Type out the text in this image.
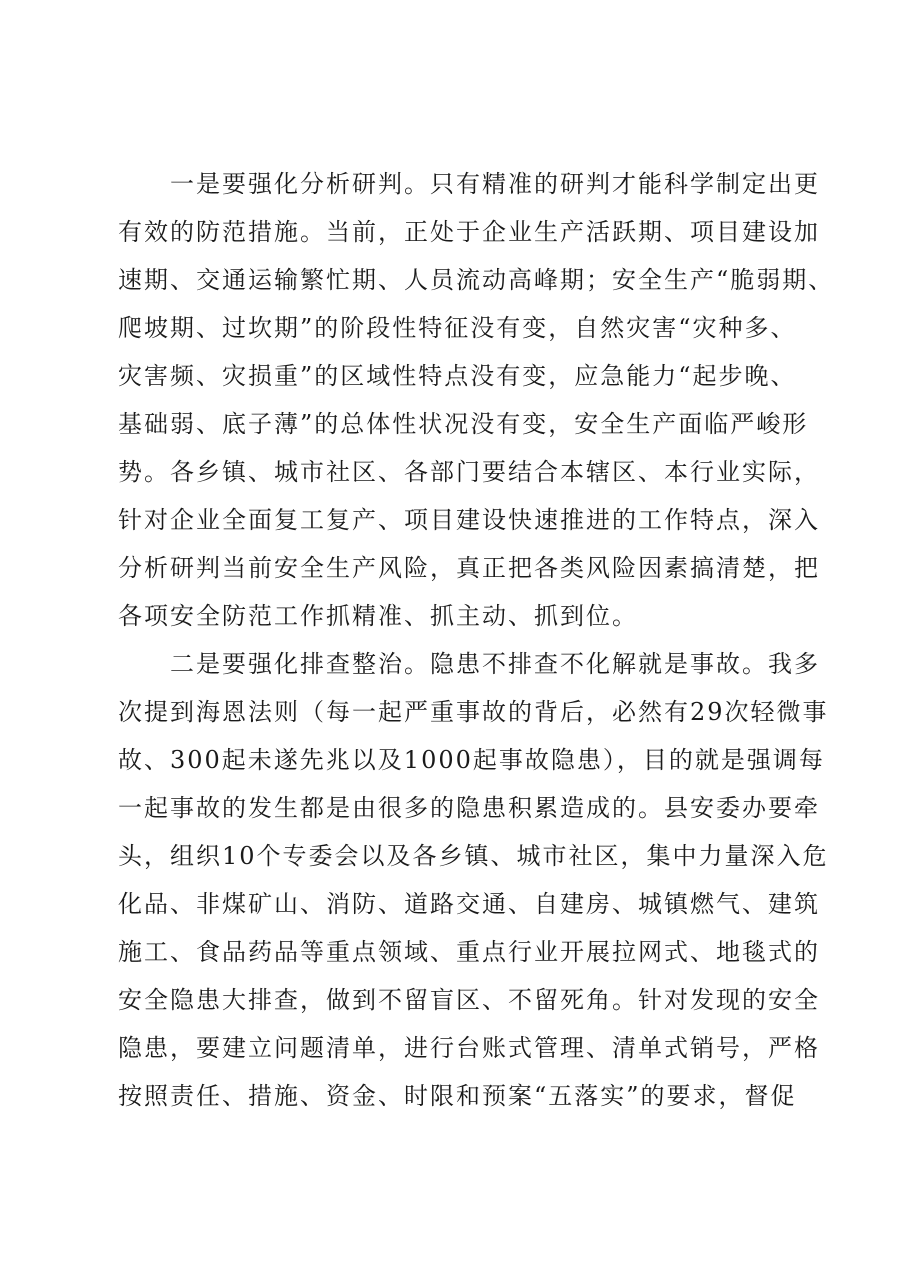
一是要强化分析研判。只有精准的研判才能科学制定出更
有效的防范措施。当前，正处于企业生产活跃期、项目建设加
速期、交通运输繁忙期、人员流动高峰期；安全生产“脆弱期、
爬坡期、过坎期”的阶段性特征没有变，自然灾害“灾种多、
灾害频、灾损重”的区域性特点没有变，应急能力“起步晚、
基础弱、底子薄”的总体性状况没有变，安全生产面临严峻形
势。各乡镇、城市社区、各部门要结合本辖区、本行业实际，
针对企业全面复工复产、项目建设快速推进的工作特点，深入
分析研判当前安全生产风险，真正把各类风险因素搞清楚，把
各项安全防范工作抓精准、抓主动、抓到位。
二是要强化排查整治。隐患不排查不化解就是事故。我多
次提到海恩法则（每一起严重事故的背后，必然有29次轻微事
故、300起未遂先兆以及1000起事故隐患），目的就是强调每
一起事故的发生都是由很多的隐患积累造成的。县安委办要牵
头，组织10个专委会以及各乡镇、城市社区，集中力量深入危
化品、非煤矿山、消防、道路交通、自建房、城镇燃气、建筑
施工、食品药品等重点领域、重点行业开展拉网式、地毯式的
安全隐患大排查，做到不留盲区、不留死角。针对发现的安全
隐患，要建立问题清单，进行台账式管理、清单式销号，严格
按照责任、措施、资金、时限和预案“五落实”的要求，督促
